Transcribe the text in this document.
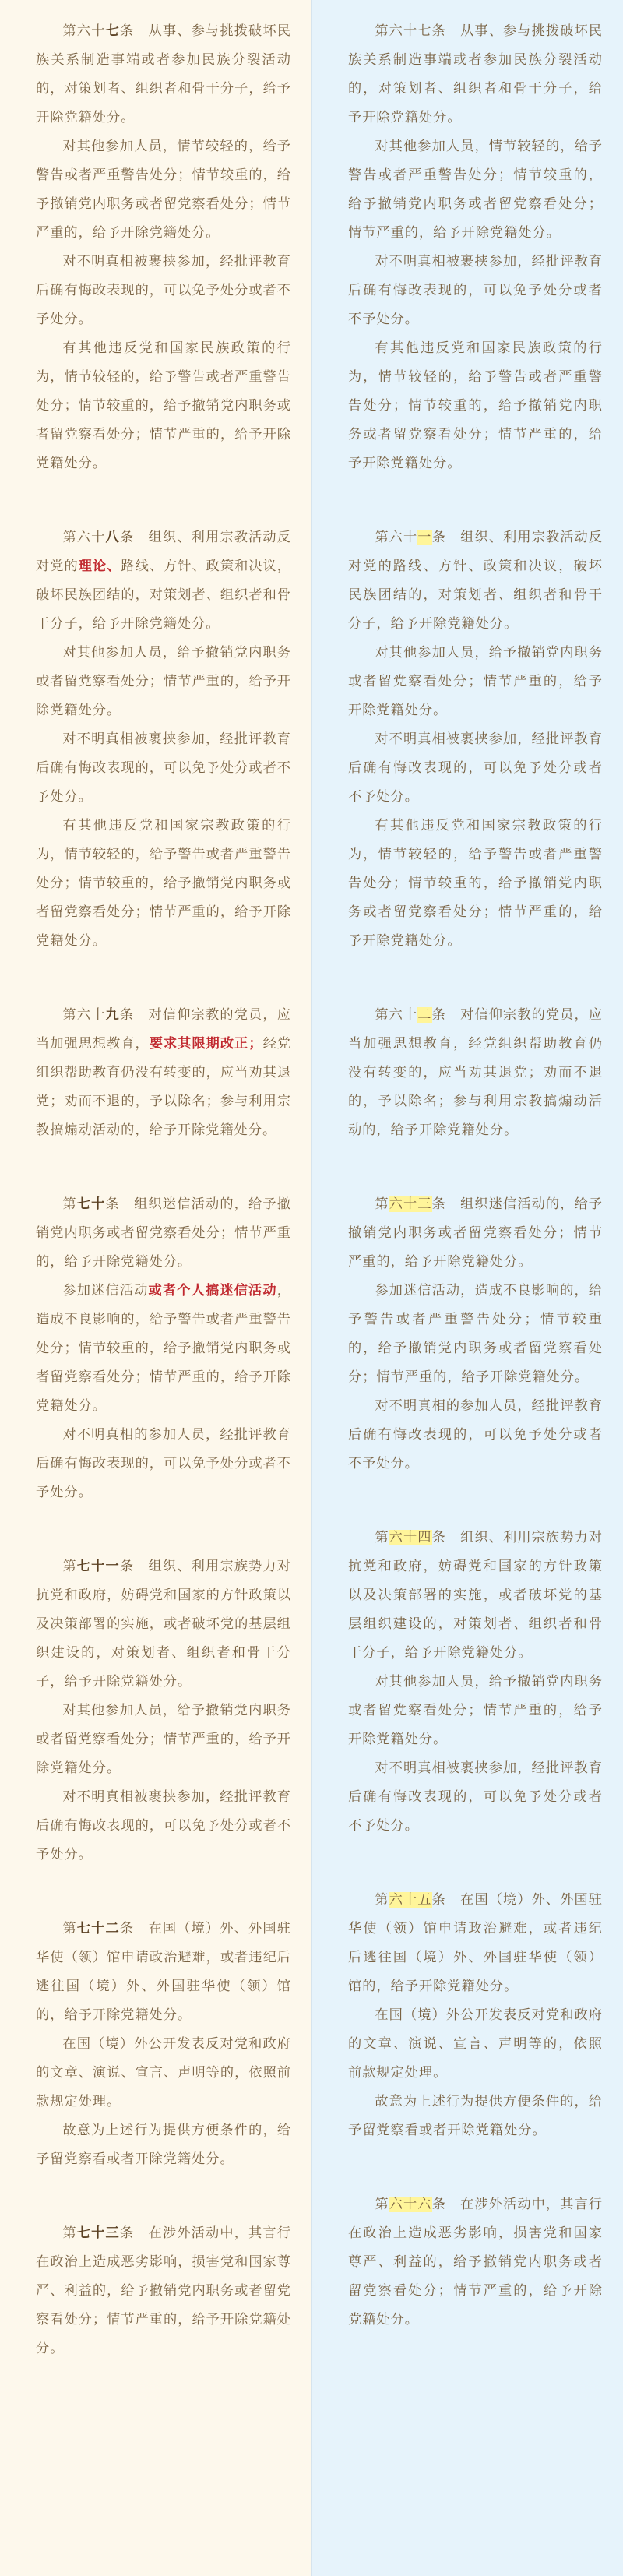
第六十七条　从事、参与挑拨破坏民族关系制造事端或者参加民族分裂活动的，对策划者、组织者和骨干分子，给予开除党籍处分。

对其他参加人员，情节较轻的，给予警告或者严重警告处分；情节较重的，给予撤销党内职务或者留党察看处分；情节严重的，给予开除党籍处分。

对不明真相被裹挟参加，经批评教育后确有悔改表现的，可以免予处分或者不予处分。

有其他违反党和国家民族政策的行为，情节较轻的，给予警告或者严重警告处分；情节较重的，给予撤销党内职务或者留党察看处分；情节严重的，给予开除党籍处分。

第六十八条　组织、利用宗教活动反对党的理论、路线、方针、政策和决议，破坏民族团结的，对策划者、组织者和骨干分子，给予开除党籍处分。

对其他参加人员，给予撤销党内职务或者留党察看处分；情节严重的，给予开除党籍处分。

对不明真相被裹挟参加，经批评教育后确有悔改表现的，可以免予处分或者不予处分。

有其他违反党和国家宗教政策的行为，情节较轻的，给予警告或者严重警告处分；情节较重的，给予撤销党内职务或者留党察看处分；情节严重的，给予开除党籍处分。

第六十九条　对信仰宗教的党员，应当加强思想教育，要求其限期改正；经党组织帮助教育仍没有转变的，应当劝其退党；劝而不退的，予以除名；参与利用宗教搞煽动活动的，给予开除党籍处分。

第七十条　组织迷信活动的，给予撤销党内职务或者留党察看处分；情节严重的，给予开除党籍处分。

参加迷信活动或者个人搞迷信活动，造成不良影响的，给予警告或者严重警告处分；情节较重的，给予撤销党内职务或者留党察看处分；情节严重的，给予开除党籍处分。

对不明真相的参加人员，经批评教育后确有悔改表现的，可以免予处分或者不予处分。

第七十一条　组织、利用宗族势力对抗党和政府，妨碍党和国家的方针政策以及决策部署的实施，或者破坏党的基层组织建设的，对策划者、组织者和骨干分子，给予开除党籍处分。

对其他参加人员，给予撤销党内职务或者留党察看处分；情节严重的，给予开除党籍处分。

对不明真相被裹挟参加，经批评教育后确有悔改表现的，可以免予处分或者不予处分。

第七十二条　在国（境）外、外国驻华使（领）馆申请政治避难，或者违纪后逃往国（境）外、外国驻华使（领）馆的，给予开除党籍处分。

在国（境）外公开发表反对党和政府的文章、演说、宣言、声明等的，依照前款规定处理。

故意为上述行为提供方便条件的，给予留党察看或者开除党籍处分。

第七十三条　在涉外活动中，其言行在政治上造成恶劣影响，损害党和国家尊严、利益的，给予撤销党内职务或者留党察看处分；情节严重的，给予开除党籍处分。

第六十七条　从事、参与挑拨破坏民族关系制造事端或者参加民族分裂活动的，对策划者、组织者和骨干分子，给予开除党籍处分。

对其他参加人员，情节较轻的，给予警告或者严重警告处分；情节较重的，给予撤销党内职务或者留党察看处分；情节严重的，给予开除党籍处分。

对不明真相被裹挟参加，经批评教育后确有悔改表现的，可以免予处分或者不予处分。

有其他违反党和国家民族政策的行为，情节较轻的，给予警告或者严重警告处分；情节较重的，给予撤销党内职务或者留党察看处分；情节严重的，给予开除党籍处分。

第六十一条　组织、利用宗教活动反对党的路线、方针、政策和决议，破坏民族团结的，对策划者、组织者和骨干分子，给予开除党籍处分。

对其他参加人员，给予撤销党内职务或者留党察看处分；情节严重的，给予开除党籍处分。

对不明真相被裹挟参加，经批评教育后确有悔改表现的，可以免予处分或者不予处分。

有其他违反党和国家宗教政策的行为，情节较轻的，给予警告或者严重警告处分；情节较重的，给予撤销党内职务或者留党察看处分；情节严重的，给予开除党籍处分。

第六十二条　对信仰宗教的党员，应当加强思想教育，经党组织帮助教育仍没有转变的，应当劝其退党；劝而不退的，予以除名；参与利用宗教搞煽动活动的，给予开除党籍处分。

第六十三条　组织迷信活动的，给予撤销党内职务或者留党察看处分；情节严重的，给予开除党籍处分。

参加迷信活动，造成不良影响的，给予警告或者严重警告处分；情节较重的，给予撤销党内职务或者留党察看处分；情节严重的，给予开除党籍处分。

对不明真相的参加人员，经批评教育后确有悔改表现的，可以免予处分或者不予处分。

第六十四条　组织、利用宗族势力对抗党和政府，妨碍党和国家的方针政策以及决策部署的实施，或者破坏党的基层组织建设的，对策划者、组织者和骨干分子，给予开除党籍处分。

对其他参加人员，给予撤销党内职务或者留党察看处分；情节严重的，给予开除党籍处分。

对不明真相被裹挟参加，经批评教育后确有悔改表现的，可以免予处分或者不予处分。

第六十五条　在国（境）外、外国驻华使（领）馆申请政治避难，或者违纪后逃往国（境）外、外国驻华使（领）馆的，给予开除党籍处分。

在国（境）外公开发表反对党和政府的文章、演说、宣言、声明等的，依照前款规定处理。

故意为上述行为提供方便条件的，给予留党察看或者开除党籍处分。

第六十六条　在涉外活动中，其言行在政治上造成恶劣影响，损害党和国家尊严、利益的，给予撤销党内职务或者留党察看处分；情节严重的，给予开除党籍处分。
